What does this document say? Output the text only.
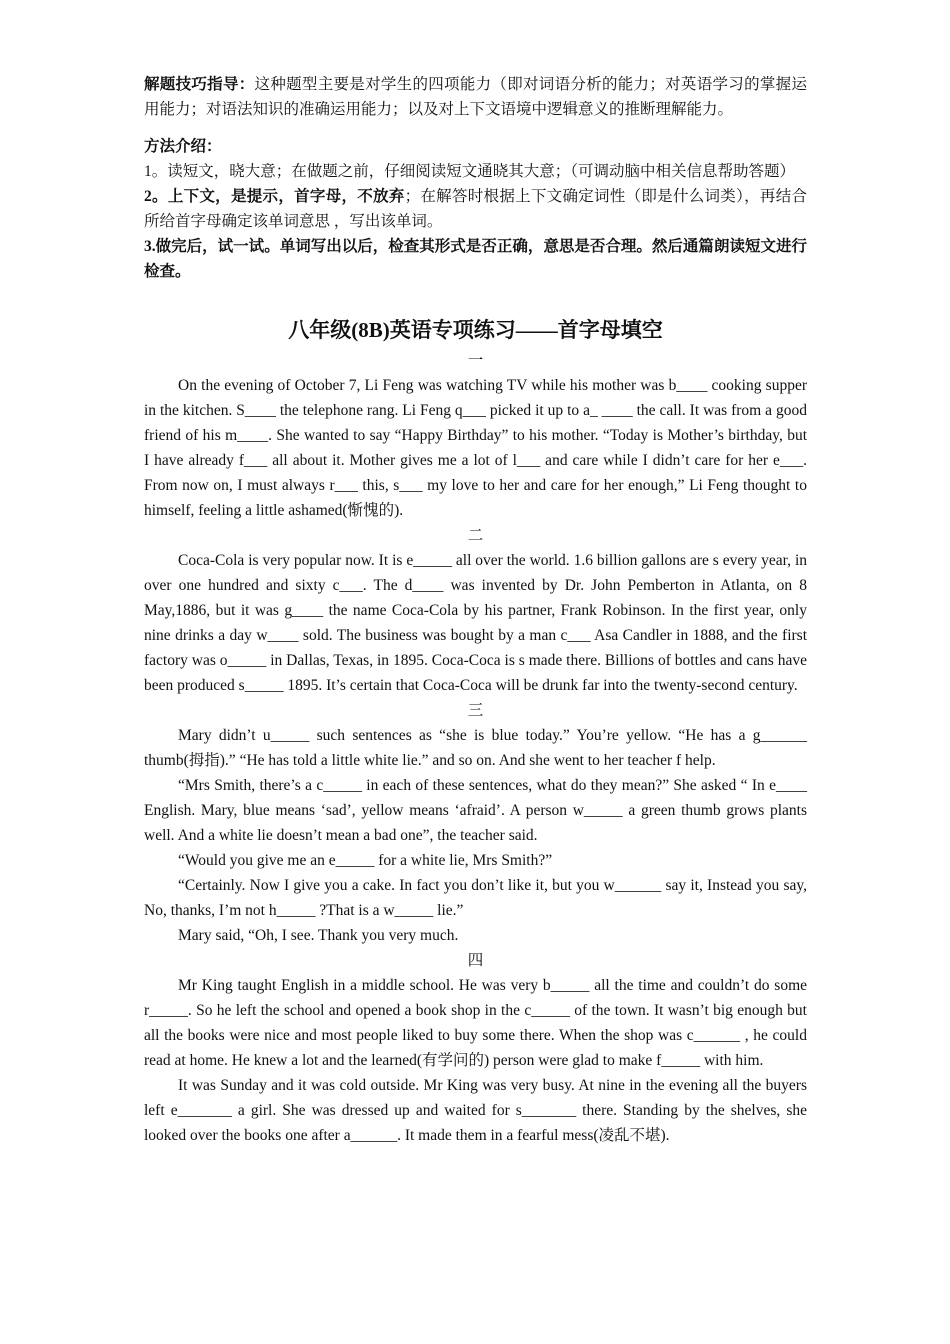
解题技巧指导：这种题型主要是对学生的四项能力（即对词语分析的能力；对英语学习的掌握运用能力；对语法知识的准确运用能力；以及对上下文语境中逻辑意义的推断理解能力。

方法介绍：

1。读短文，晓大意；在做题之前，仔细阅读短文通晓其大意；（可调动脑中相关信息帮助答题）

2。上下文，是提示，首字母，不放弃；在解答时根据上下文确定词性（即是什么词类），再结合所给首字母确定该单词意思 ，写出该单词。

3.做完后，试一试。单词写出以后，检查其形式是否正确，意思是否合理。然后通篇朗读短文进行检查。

八年级(8B)英语专项练习——首字母填空

一

On the evening of October 7, Li Feng was watching TV while his mother was b____ cooking supper in the kitchen. S____ the telephone rang. Li Feng q___ picked it up to a_ ____ the call. It was from a good friend of his m____. She wanted to say “Happy Birthday” to his mother. “Today is Mother’s birthday, but I have already f___ all about it. Mother gives me a lot of l___ and care while I didn’t care for her e___. From now on, I must always r___ this, s___ my love to her and care for her enough,” Li Feng thought to himself, feeling a little ashamed(惭愧的).

二

Coca-Cola is very popular now. It is e_____ all over the world. 1.6 billion gallons are s every year, in over one hundred and sixty c___. The d____ was invented by Dr. John Pemberton in Atlanta, on 8 May,1886, but it was g____ the name Coca-Cola by his partner, Frank Robinson. In the first year, only nine drinks a day w____ sold. The business was bought by a man c___ Asa Candler in 1888, and the first factory was o_____ in Dallas, Texas, in 1895. Coca-Coca is s made there. Billions of bottles and cans have been produced s_____ 1895. It’s certain that Coca-Coca will be drunk far into the twenty-second century.

三

Mary didn’t u_____ such sentences as “she is blue today.” You’re yellow. “He has a g______ thumb(拇指).” “He has told a little white lie.” and so on. And she went to her teacher f help.

“Mrs Smith, there’s a c_____ in each of these sentences, what do they mean?” She asked “ In e____ English. Mary, blue means ‘sad’, yellow means ‘afraid’. A person w_____ a green thumb grows plants well. And a white lie doesn’t mean a bad one”, the teacher said.

“Would you give me an e_____ for a white lie, Mrs Smith?”

“Certainly. Now I give you a cake. In fact you don’t like it, but you w______ say it, Instead you say, No, thanks, I’m not h_____ ?That is a w_____ lie.”

Mary said, “Oh, I see. Thank you very much.

四

Mr King taught English in a middle school. He was very b_____ all the time and couldn’t do some r_____. So he left the school and opened a book shop in the c_____ of the town. It wasn’t big enough but all the books were nice and most people liked to buy some there. When the shop was c______ , he could read at home. He knew a lot and the learned(有学问的) person were glad to make f_____ with him.

It was Sunday and it was cold outside. Mr King was very busy. At nine in the evening all the buyers left e_______ a girl. She was dressed up and waited for s_______ there. Standing by the shelves, she looked over the books one after a______. It made them in a fearful mess(凌乱不堪).
